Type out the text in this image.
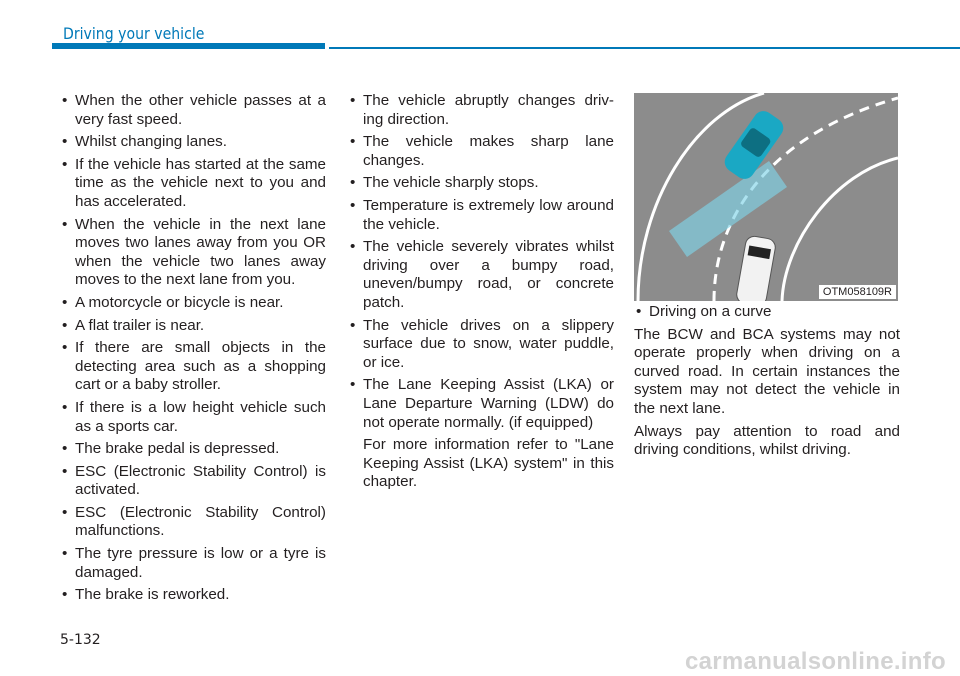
Driving your vehicle
• When the other vehicle passes at a very fast speed.
• Whilst changing lanes.
• If the vehicle has started at the same time as the vehicle next to you and has accelerated.
• When the vehicle in the next lane moves two lanes away from you OR when the vehicle two lanes away moves to the next lane from you.
• A motorcycle or bicycle is near.
• A flat trailer is near.
• If there are small objects in the detecting area such as a shopping cart or a baby stroller.
• If there is a low height vehicle such as a sports car.
• The brake pedal is depressed.
• ESC (Electronic Stability Control) is activated.
• ESC (Electronic Stability Control) malfunctions.
• The tyre pressure is low or a tyre is damaged.
• The brake is reworked.
• The vehicle abruptly changes driv-ing direction.
• The vehicle makes sharp lane changes.
• The vehicle sharply stops.
• Temperature is extremely low around the vehicle.
• The vehicle severely vibrates whilst driving over a bumpy road, uneven/bumpy road, or concrete patch.
• The vehicle drives on a slippery surface due to snow, water puddle, or ice.
• The Lane Keeping Assist (LKA) or Lane Departure Warning (LDW) do not operate normally. (if equipped)

For more information refer to "Lane Keeping Assist (LKA) system" in this chapter.

OTM058109R
• Driving on a curve

The BCW and BCA systems may not operate properly when driving on a curved road. In certain instances the system may not detect the vehicle in the next lane.

Always pay attention to road and driving conditions, whilst driving.

5-132
carmanualsonline.info
